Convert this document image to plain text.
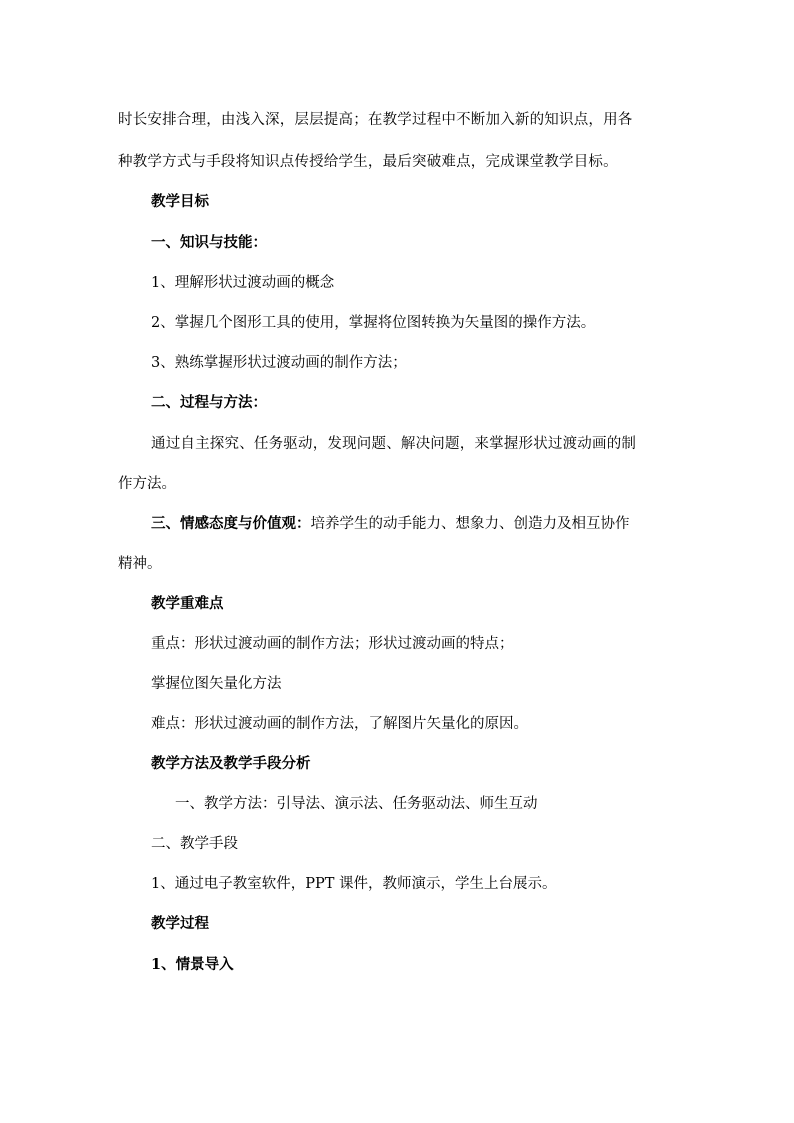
时长安排合理，由浅入深，层层提高；在教学过程中不断加入新的知识点，用各
种教学方式与手段将知识点传授给学生，最后突破难点，完成课堂教学目标。
教学目标
一、知识与技能：
1、理解形状过渡动画的概念
2、掌握几个图形工具的使用，掌握将位图转换为矢量图的操作方法。
3、熟练掌握形状过渡动画的制作方法；
二、过程与方法：
通过自主探究、任务驱动，发现问题、解决问题，来掌握形状过渡动画的制
作方法。
三、情感态度与价值观：培养学生的动手能力、想象力、创造力及相互协作
精神。
教学重难点
重点：形状过渡动画的制作方法；形状过渡动画的特点；
掌握位图矢量化方法
难点：形状过渡动画的制作方法，了解图片矢量化的原因。
教学方法及教学手段分析
一、教学方法：引导法、演示法、任务驱动法、师生互动
二、教学手段
1、通过电子教室软件，PPT 课件，教师演示，学生上台展示。
教学过程
1、情景导入
